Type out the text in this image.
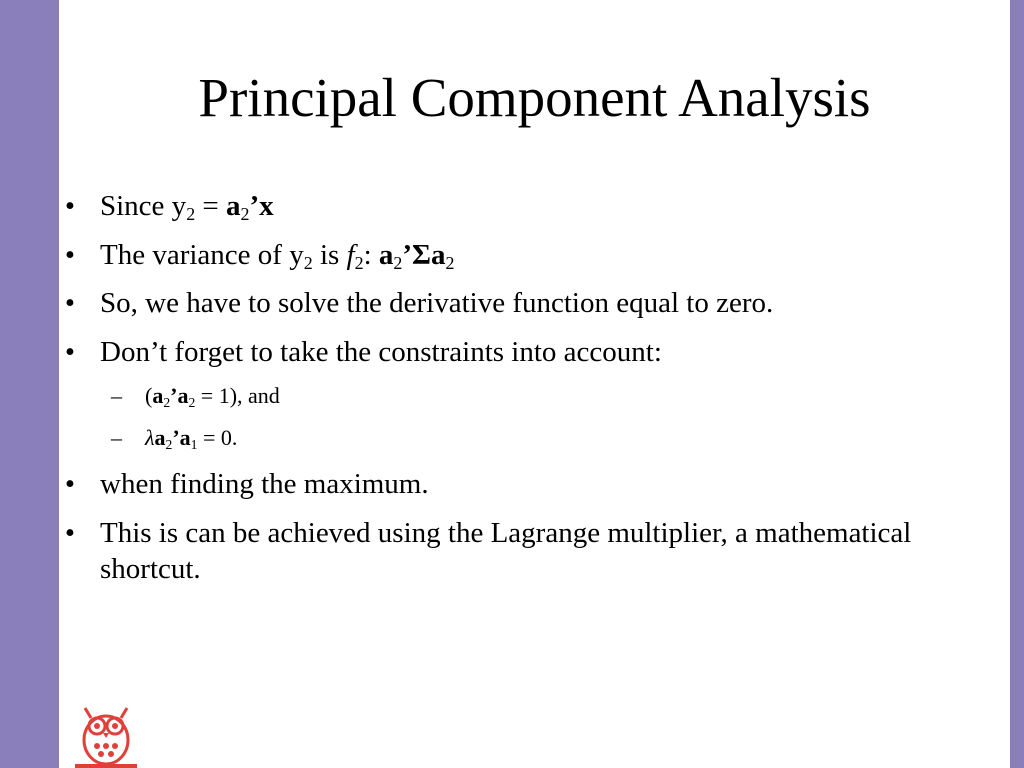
Principal Component Analysis
• Since $y_2$ = $a_2’x$
• The variance of $y_2$ is $f_2$: $a_2’\Sigma a_2$
• So, we have to solve the derivative function equal to zero.
• Don’t forget to take the constraints into account:
– $(a_2’a_2 = 1)$, and
– $\lambda a_2’a_1 = 0$.
• when finding the maximum.
• This is can be achieved using the Lagrange multiplier, a mathematical shortcut.
